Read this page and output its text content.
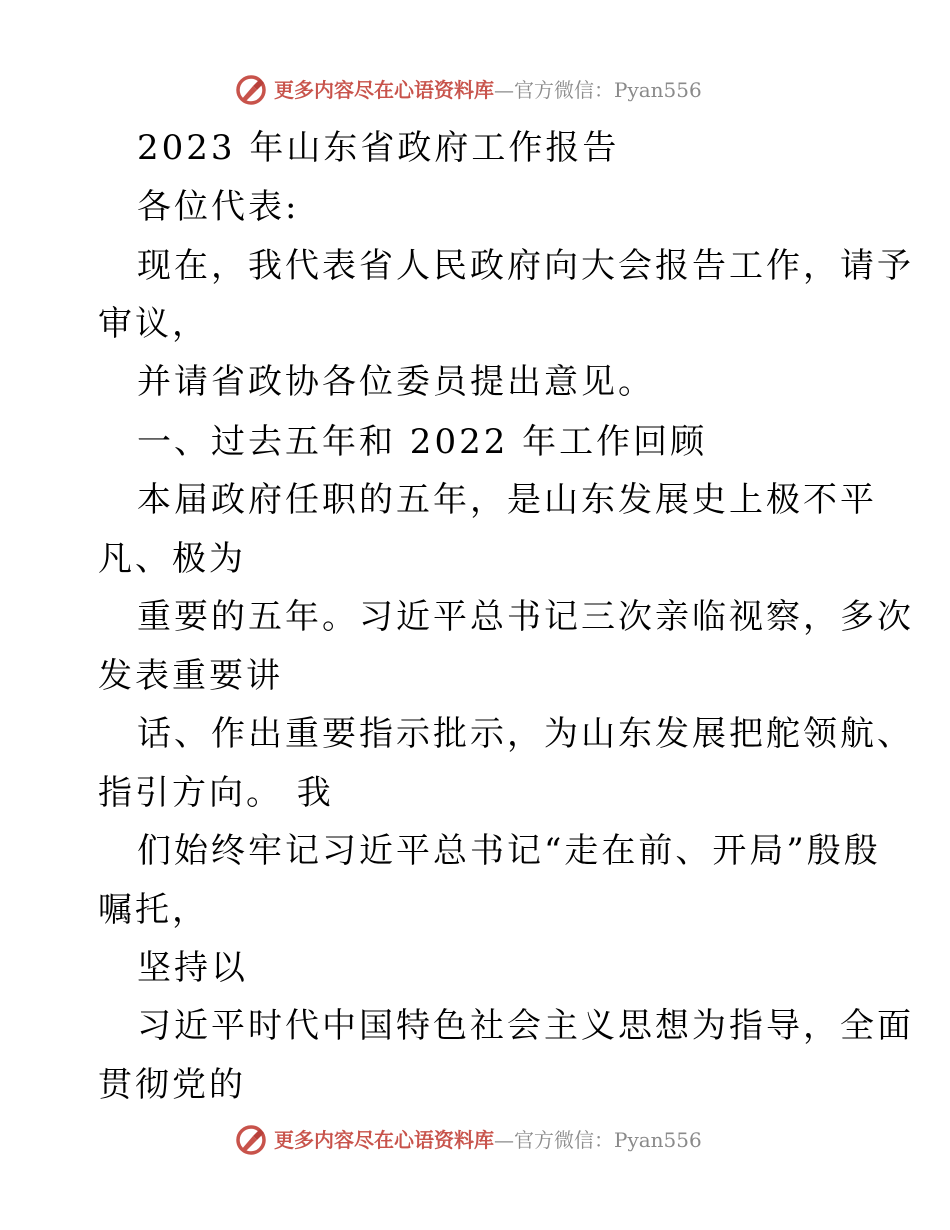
更多内容尽在心语资料库—官方微信：Pyan556
2023 年山东省政府工作报告
各位代表:
现在，我代表省人民政府向大会报告工作，请予
审议，
并请省政协各位委员提出意见。
一、过去五年和 2022 年工作回顾
本届政府任职的五年，是山东发展史上极不平
凡、极为
重要的五年。习近平总书记三次亲临视察，多次
发表重要讲
话、作出重要指示批示，为山东发展把舵领航、
指引方向。 我
们始终牢记习近平总书记“走在前、开局”殷殷
嘱托，
坚持以
习近平时代中国特色社会主义思想为指导，全面
贯彻党的
更多内容尽在心语资料库—官方微信：Pyan556
